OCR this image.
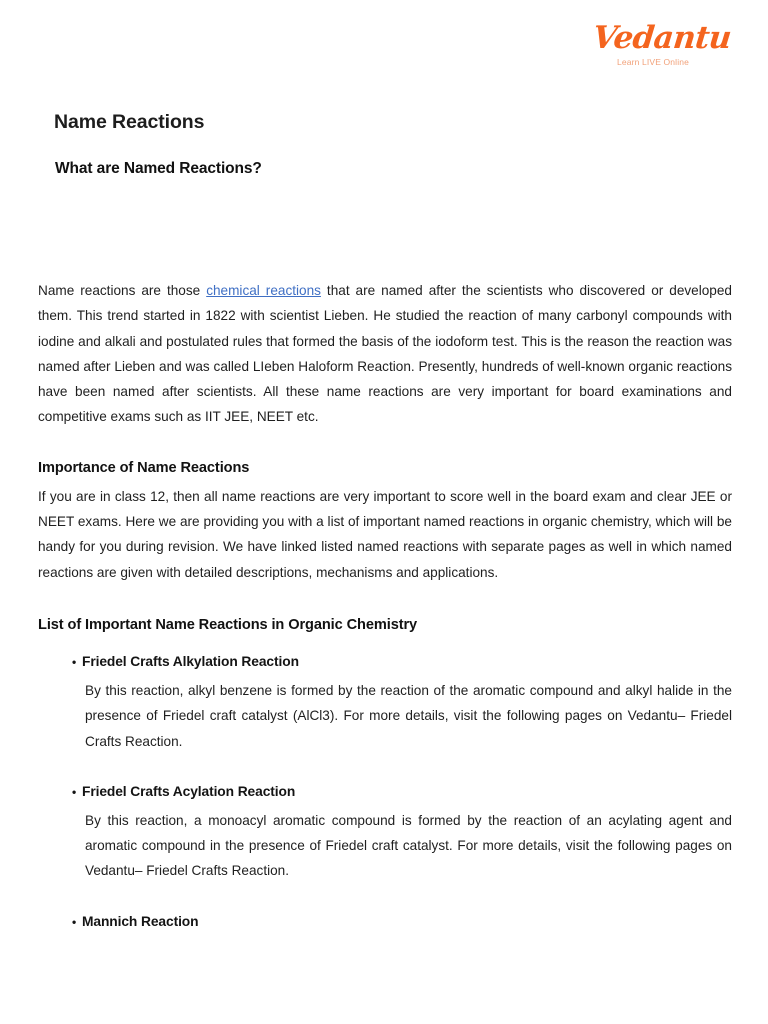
Vedantu
Learn LIVE Online
Name Reactions
What are Named Reactions?

Name reactions are those chemical reactions that are named after the scientists who discovered or developed them. This trend started in 1822 with scientist Lieben. He studied the reaction of many carbonyl compounds with iodine and alkali and postulated rules that formed the basis of the iodoform test. This is the reason the reaction was named after Lieben and was called LIeben Haloform Reaction. Presently, hundreds of well-known organic reactions have been named after scientists. All these name reactions are very important for board examinations and competitive exams such as IIT JEE, NEET etc.

Importance of Name Reactions

If you are in class 12, then all name reactions are very important to score well in the board exam and clear JEE or NEET exams. Here we are providing you with a list of important named reactions in organic chemistry, which will be handy for you during revision. We have linked listed named reactions with separate pages as well in which named reactions are given with detailed descriptions, mechanisms and applications.

List of Important Name Reactions in Organic Chemistry
• Friedel Crafts Alkylation Reaction

By this reaction, alkyl benzene is formed by the reaction of the aromatic compound and alkyl halide in the presence of Friedel craft catalyst (AlCl3). For more details, visit the following pages on Vedantu– Friedel Crafts Reaction.

• Friedel Crafts Acylation Reaction

By this reaction, a monoacyl aromatic compound is formed by the reaction of an acylating agent and aromatic compound in the presence of Friedel craft catalyst. For more details, visit the following pages on Vedantu– Friedel Crafts Reaction.

• Mannich Reaction
